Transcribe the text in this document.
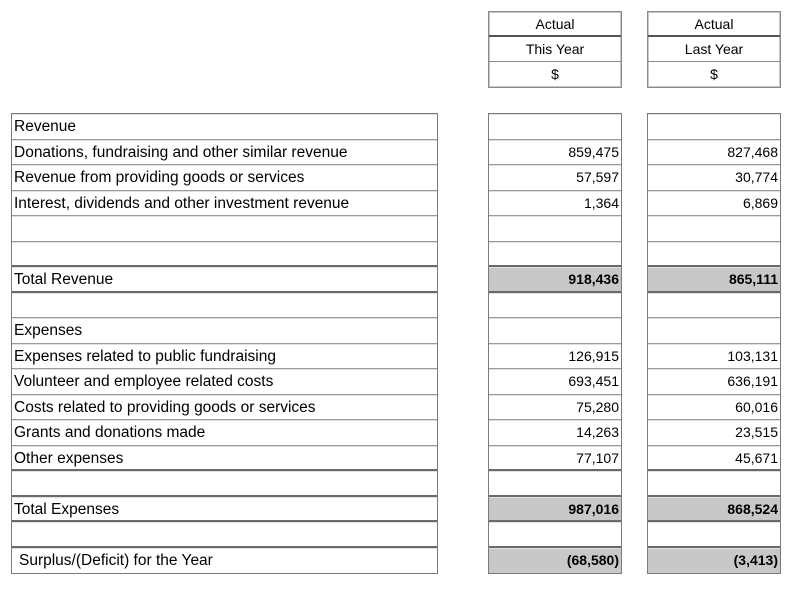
Actual
This Year
$
Actual
Last Year
$
Revenue
Donations, fundraising and other similar revenue
Revenue from providing goods or services
Interest, dividends and other investment revenue
Total Revenue
Expenses
Expenses related to public fundraising
Volunteer and employee related costs
Costs related to providing goods or services
Grants and donations made
Other expenses
Total Expenses
Surplus/(Deficit) for the Year
859,475
57,597
1,364
918,436
126,915
693,451
75,280
14,263
77,107
987,016
(68,580)
827,468
30,774
6,869
865,111
103,131
636,191
60,016
23,515
45,671
868,524
(3,413)
